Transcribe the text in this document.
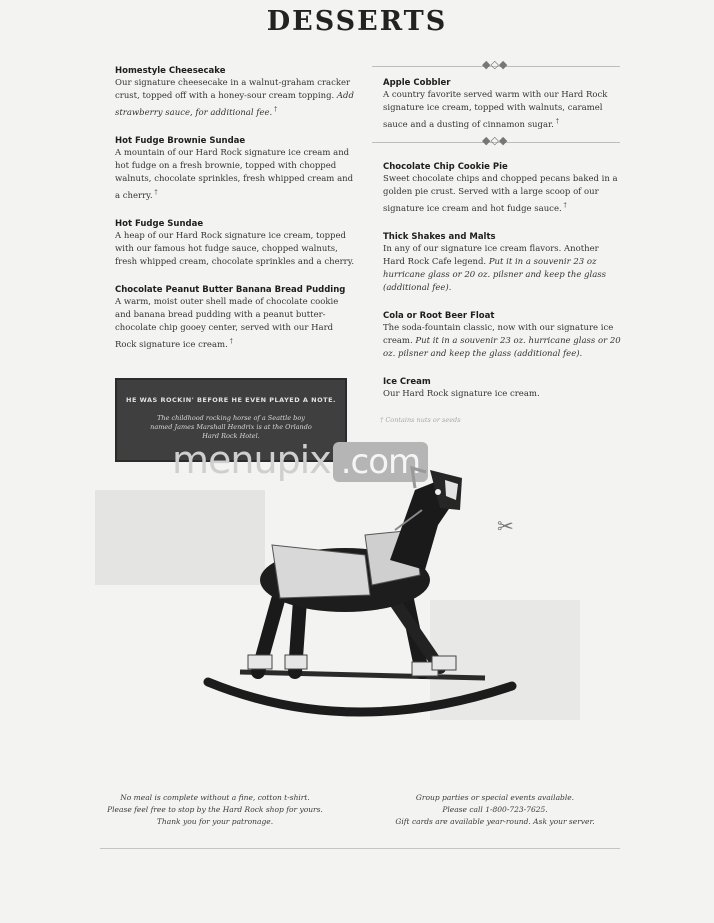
DESSERTS
◆◇◆
◆◇◆
Homestyle Cheesecake
Our signature cheesecake in a walnut-graham cracker crust, topped off with a honey-sour cream topping. Add strawberry sauce, for additional fee. †
Hot Fudge Brownie Sundae
A mountain of our Hard Rock signature ice cream and hot fudge on a fresh brownie, topped with chopped walnuts, chocolate sprinkles, fresh whipped cream and a cherry. †
Hot Fudge Sundae
A heap of our Hard Rock signature ice cream, topped with our famous hot fudge sauce, chopped walnuts, fresh whipped cream, chocolate sprinkles and a cherry.
Chocolate Peanut Butter Banana Bread Pudding
A warm, moist outer shell made of chocolate cookie and banana bread pudding with a peanut butter-chocolate chip gooey center, served with our Hard Rock signature ice cream. †
Apple Cobbler
A country favorite served warm with our Hard Rock signature ice cream, topped with walnuts, caramel sauce and a dusting of cinnamon sugar. †
Chocolate Chip Cookie Pie
Sweet chocolate chips and chopped pecans baked in a golden pie crust. Served with a large scoop of our signature ice cream and hot fudge sauce. †
Thick Shakes and Malts
In any of our signature ice cream flavors. Another Hard Rock Cafe legend. Put it in a souvenir 23 oz hurricane glass or 20 oz. pilsner and keep the glass (additional fee).
Cola or Root Beer Float
The soda-fountain classic, now with our signature ice cream. Put it in a souvenir 23 oz. hurricane glass or 20 oz. pilsner and keep the glass (additional fee).
Ice Cream
Our Hard Rock signature ice cream.
HE WAS ROCKIN' BEFORE HE EVEN PLAYED A NOTE.
The childhood rocking horse of a Seattle boy named James Marshall Hendrix is at the Orlando Hard Rock Hotel.
† Contains nuts or seeds
menupix .com
✂
No meal is complete without a fine, cotton t-shirt.
Please feel free to stop by the Hard Rock shop for yours.
Thank you for your patronage.
Group parties or special events available.
Please call 1-800-723-7625.
Gift cards are available year-round. Ask your server.
